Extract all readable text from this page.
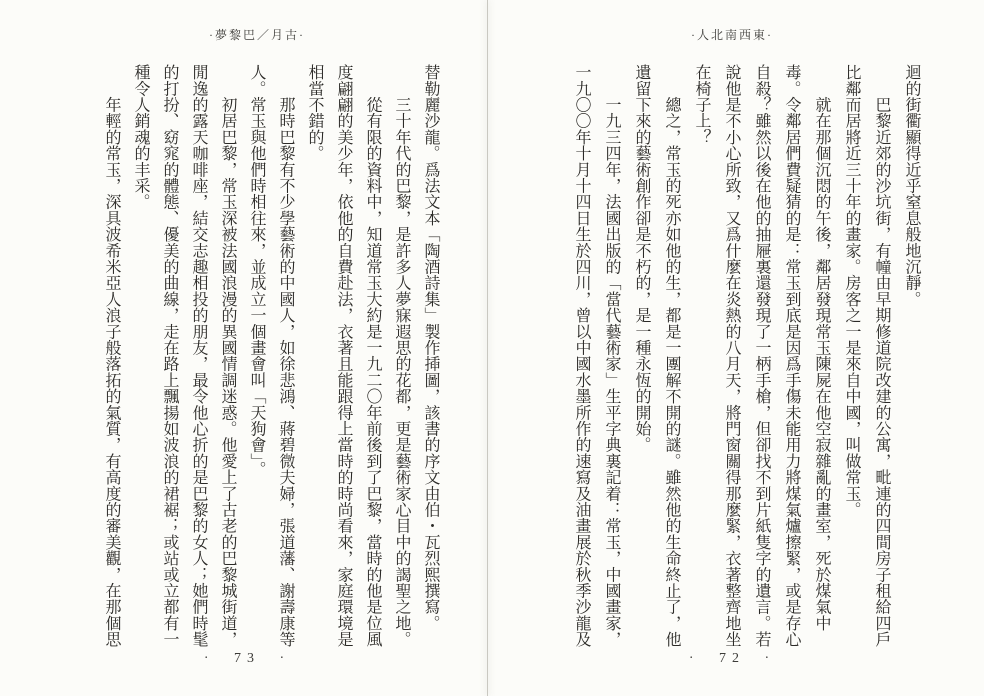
·人北南西東·
迴的街衢顯得近乎窒息般地沉靜。
　　巴黎近郊的沙坑街，有幢由早期修道院改建的公寓，毗連的四間房子租給四戶
比鄰而居將近三十年的畫家。房客之一是來自中國，叫做常玉。
　　就在那個沉悶的午後，鄰居發現常玉陳屍在他空寂雜亂的畫室，死於煤氣中
毒。令鄰居們費疑猜的是：常玉到底是因爲手傷未能用力將煤氣爐擦緊，或是存心
自殺？雖然以後在他的抽屜裏還發現了一柄手槍，但卻找不到片紙隻字的遺言。若
說他是不小心所致，又爲什麼在炎熱的八月天，將門窗關得那麼緊，衣著整齊地坐
在椅子上？
　　總之，常玉的死亦如他的生，都是一團解不開的謎。雖然他的生命終止了，他
遺留下來的藝術創作卻是不朽的，是一種永恆的開始。
　　一九三四年，法國出版的「當代藝術家」生平字典裏記着：常玉，中國畫家，
一九〇〇年十月十四日生於四川，曾以中國水墨所作的速寫及油畫展於秋季沙龍及
· 72 ·
·夢黎巴／月古·
替勒麗沙龍。爲法文本「陶酒詩集」製作揷圖，該書的序文由伯・瓦烈熙撰寫。
　　三十年代的巴黎，是許多人夢寐遐思的花都，更是藝術家心目中的謁聖之地。
　　從有限的資料中，知道常玉大約是一九二〇年前後到了巴黎，當時的他是位風
度翩翩的美少年，依他的自費赴法，衣著且能跟得上當時的時尚看來，家庭環境是
相當不錯的。
　　那時巴黎有不少學藝術的中國人，如徐悲鴻、蔣碧微夫婦，張道藩、謝壽康等
人。常玉與他們時相往來，並成立一個畫會叫「天狗會」。
　　初居巴黎，常玉深被法國浪漫的異國情調迷惑。他愛上了古老的巴黎城街道，
閒逸的露天咖啡座，結交志趣相投的朋友，最令他心折的是巴黎的女人；她們時髦
的打扮、窈窕的體態、優美的曲線，走在路上飄揚如波浪的裙裾；或站或立都有一
種令人銷魂的丰采。
　　年輕的常玉，深具波希米亞人浪子般落拓的氣質，有高度的審美觀，在那個思
· 73 ·
